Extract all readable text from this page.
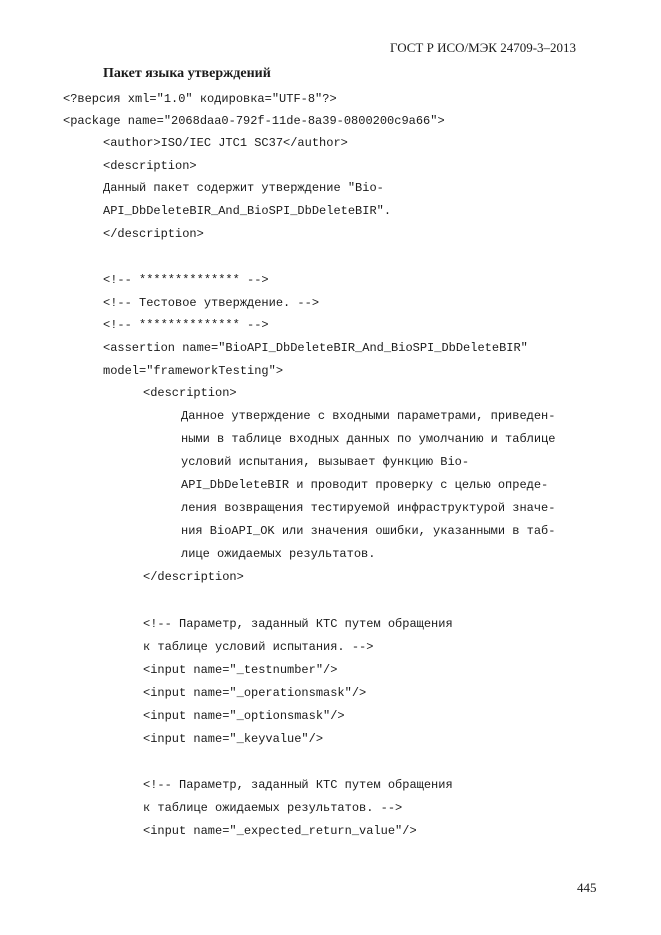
ГОСТ Р ИСО/МЭК 24709-3–2013
Пакет языка утверждений
<?версия xml="1.0" кодировка="UTF-8"?>
<package name="2068daa0-792f-11de-8a39-0800200c9a66">
<author>ISO/IEC JTC1 SC37</author>
<description>
Данный пакет содержит утверждение "Bio-
API_DbDeleteBIR_And_BioSPI_DbDeleteBIR".
</description>
<!-- ************** -->
<!-- Тестовое утверждение. -->
<!-- ************** -->
<assertion name="BioAPI_DbDeleteBIR_And_BioSPI_DbDeleteBIR"
model="frameworkTesting">
<description>
Данное утверждение с входными параметрами, приведен-
ными в таблице входных данных по умолчанию и таблице
условий испытания, вызывает функцию Bio-
API_DbDeleteBIR и проводит проверку с целью опреде-
ления возвращения тестируемой инфраструктурой значе-
ния BioAPI_OK или значения ошибки, указанными в таб-
лице ожидаемых результатов.
</description>
<!-- Параметр, заданный КТС путем обращения
к таблице условий испытания. -->
<input name="_testnumber"/>
<input name="_operationsmask"/>
<input name="_optionsmask"/>
<input name="_keyvalue"/>
<!-- Параметр, заданный КТС путем обращения
к таблице ожидаемых результатов. -->
<input name="_expected_return_value"/>
445
